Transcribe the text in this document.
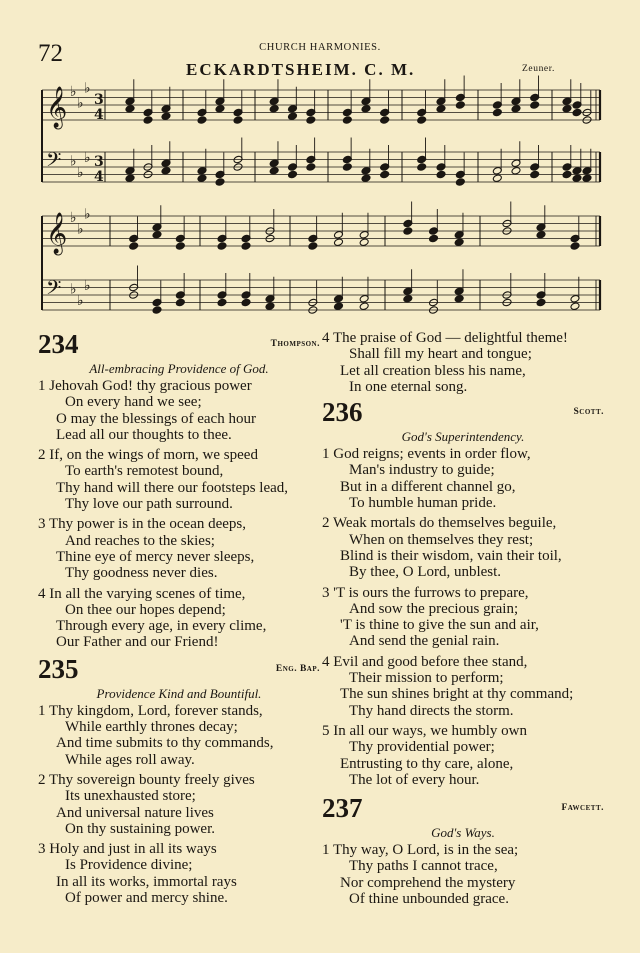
72	CHURCH HARMONIES.
ECKARDTSHEIM. C. M.	Zeuner.
𝄞 ♭
♭
♭
3
4
𝄢 ♭
♭
♭ 3
4
𝄞 ♭
♭
♭
𝄢 ♭
♭
♭
234	Thompson.
All-embracing Providence of God.
1 Jehovah God! thy gracious power
On every hand we see;
O may the blessings of each hour
Lead all our thoughts to thee.
2 If, on the wings of morn, we speed
To earth's remotest bound,
Thy hand will there our footsteps lead,
Thy love our path surround.
3 Thy power is in the ocean deeps,
And reaches to the skies;
Thine eye of mercy never sleeps,
Thy goodness never dies.
4 In all the varying scenes of time,
On thee our hopes depend;
Through every age, in every clime,
Our Father and our Friend!
235	Eng. Bap.
Providence Kind and Bountiful.
1 Thy kingdom, Lord, forever stands,
While earthly thrones decay;
And time submits to thy commands,
While ages roll away.
2 Thy sovereign bounty freely gives
Its unexhausted store;
And universal nature lives
On thy sustaining power.
3 Holy and just in all its ways
Is Providence divine;
In all its works, immortal rays
Of power and mercy shine.
4 The praise of God — delightful theme!
Shall fill my heart and tongue;
Let all creation bless his name,
In one eternal song.
236	Scott.
God's Superintendency.
1 God reigns; events in order flow,
Man's industry to guide;
But in a different channel go,
To humble human pride.
2 Weak mortals do themselves beguile,
When on themselves they rest;
Blind is their wisdom, vain their toil,
By thee, O Lord, unblest.
3 'T is ours the furrows to prepare,
And sow the precious grain;
'T is thine to give the sun and air,
And send the genial rain.
4 Evil and good before thee stand,
Their mission to perform;
The sun shines bright at thy command;
Thy hand directs the storm.
5 In all our ways, we humbly own
Thy providential power;
Entrusting to thy care, alone,
The lot of every hour.
237	Fawcett.
God's Ways.
1 Thy way, O Lord, is in the sea;
Thy paths I cannot trace,
Nor comprehend the mystery
Of thine unbounded grace.
